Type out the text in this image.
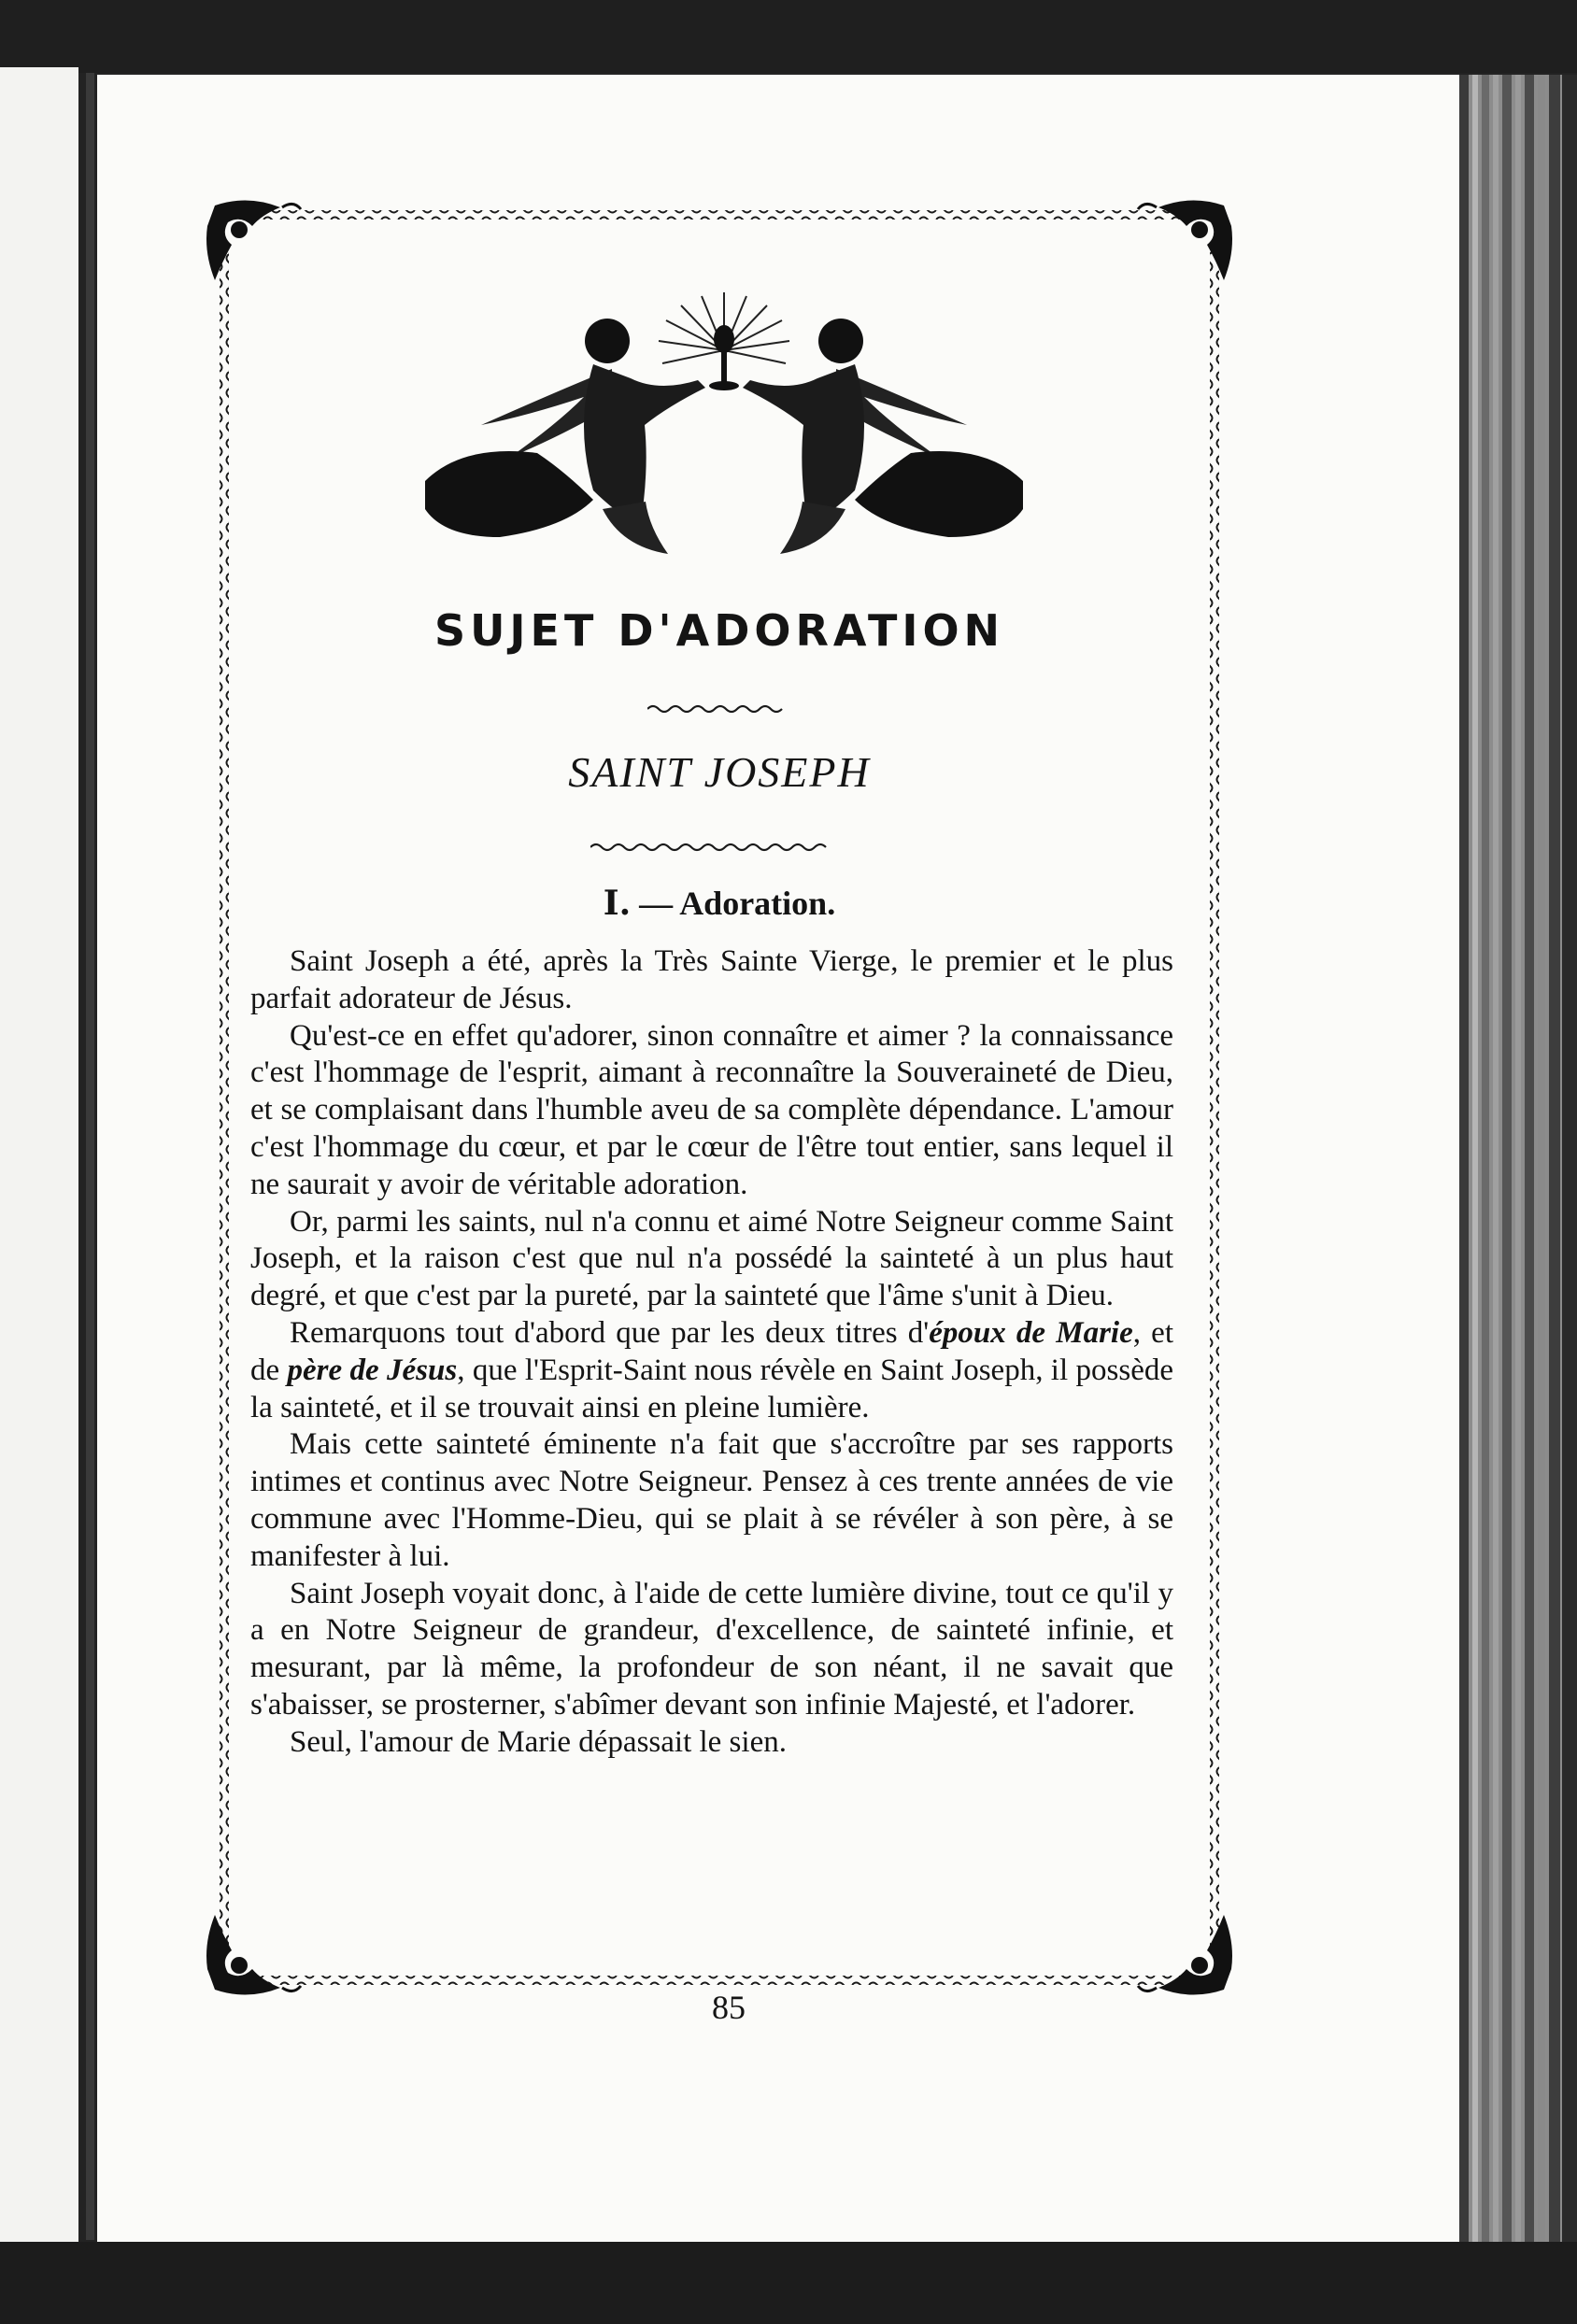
SUJET D'ADORATION
SAINT JOSEPH
I. — Adoration.

Saint Joseph a été, après la Très Sainte Vierge, le premier et le plus parfait adorateur de Jésus.

Qu'est-ce en effet qu'adorer, sinon connaître et aimer ? la connaissance c'est l'hommage de l'esprit, aimant à reconnaître la Souveraineté de Dieu, et se complaisant dans l'humble aveu de sa complète dépendance. L'amour c'est l'hommage du cœur, et par le cœur de l'être tout entier, sans lequel il ne saurait y avoir de véritable adoration.

Or, parmi les saints, nul n'a connu et aimé Notre Seigneur comme Saint Joseph, et la raison c'est que nul n'a possédé la sainteté à un plus haut degré, et que c'est par la pureté, par la sainteté que l'âme s'unit à Dieu.

Remarquons tout d'abord que par les deux titres d'époux de Marie, et de père de Jésus, que l'Esprit-Saint nous révèle en Saint Joseph, il possède la sainteté, et il se trouvait ainsi en pleine lumière.

Mais cette sainteté éminente n'a fait que s'accroître par ses rapports intimes et continus avec Notre Seigneur. Pensez à ces trente années de vie commune avec l'Homme-Dieu, qui se plait à se révéler à son père, à se manifester à lui.

Saint Joseph voyait donc, à l'aide de cette lumière divine, tout ce qu'il y a en Notre Seigneur de grandeur, d'excellence, de sainteté infinie, et mesurant, par là même, la profondeur de son néant, il ne savait que s'abaisser, se prosterner, s'abîmer devant son infinie Majesté, et l'adorer.

Seul, l'amour de Marie dépassait le sien.

85
